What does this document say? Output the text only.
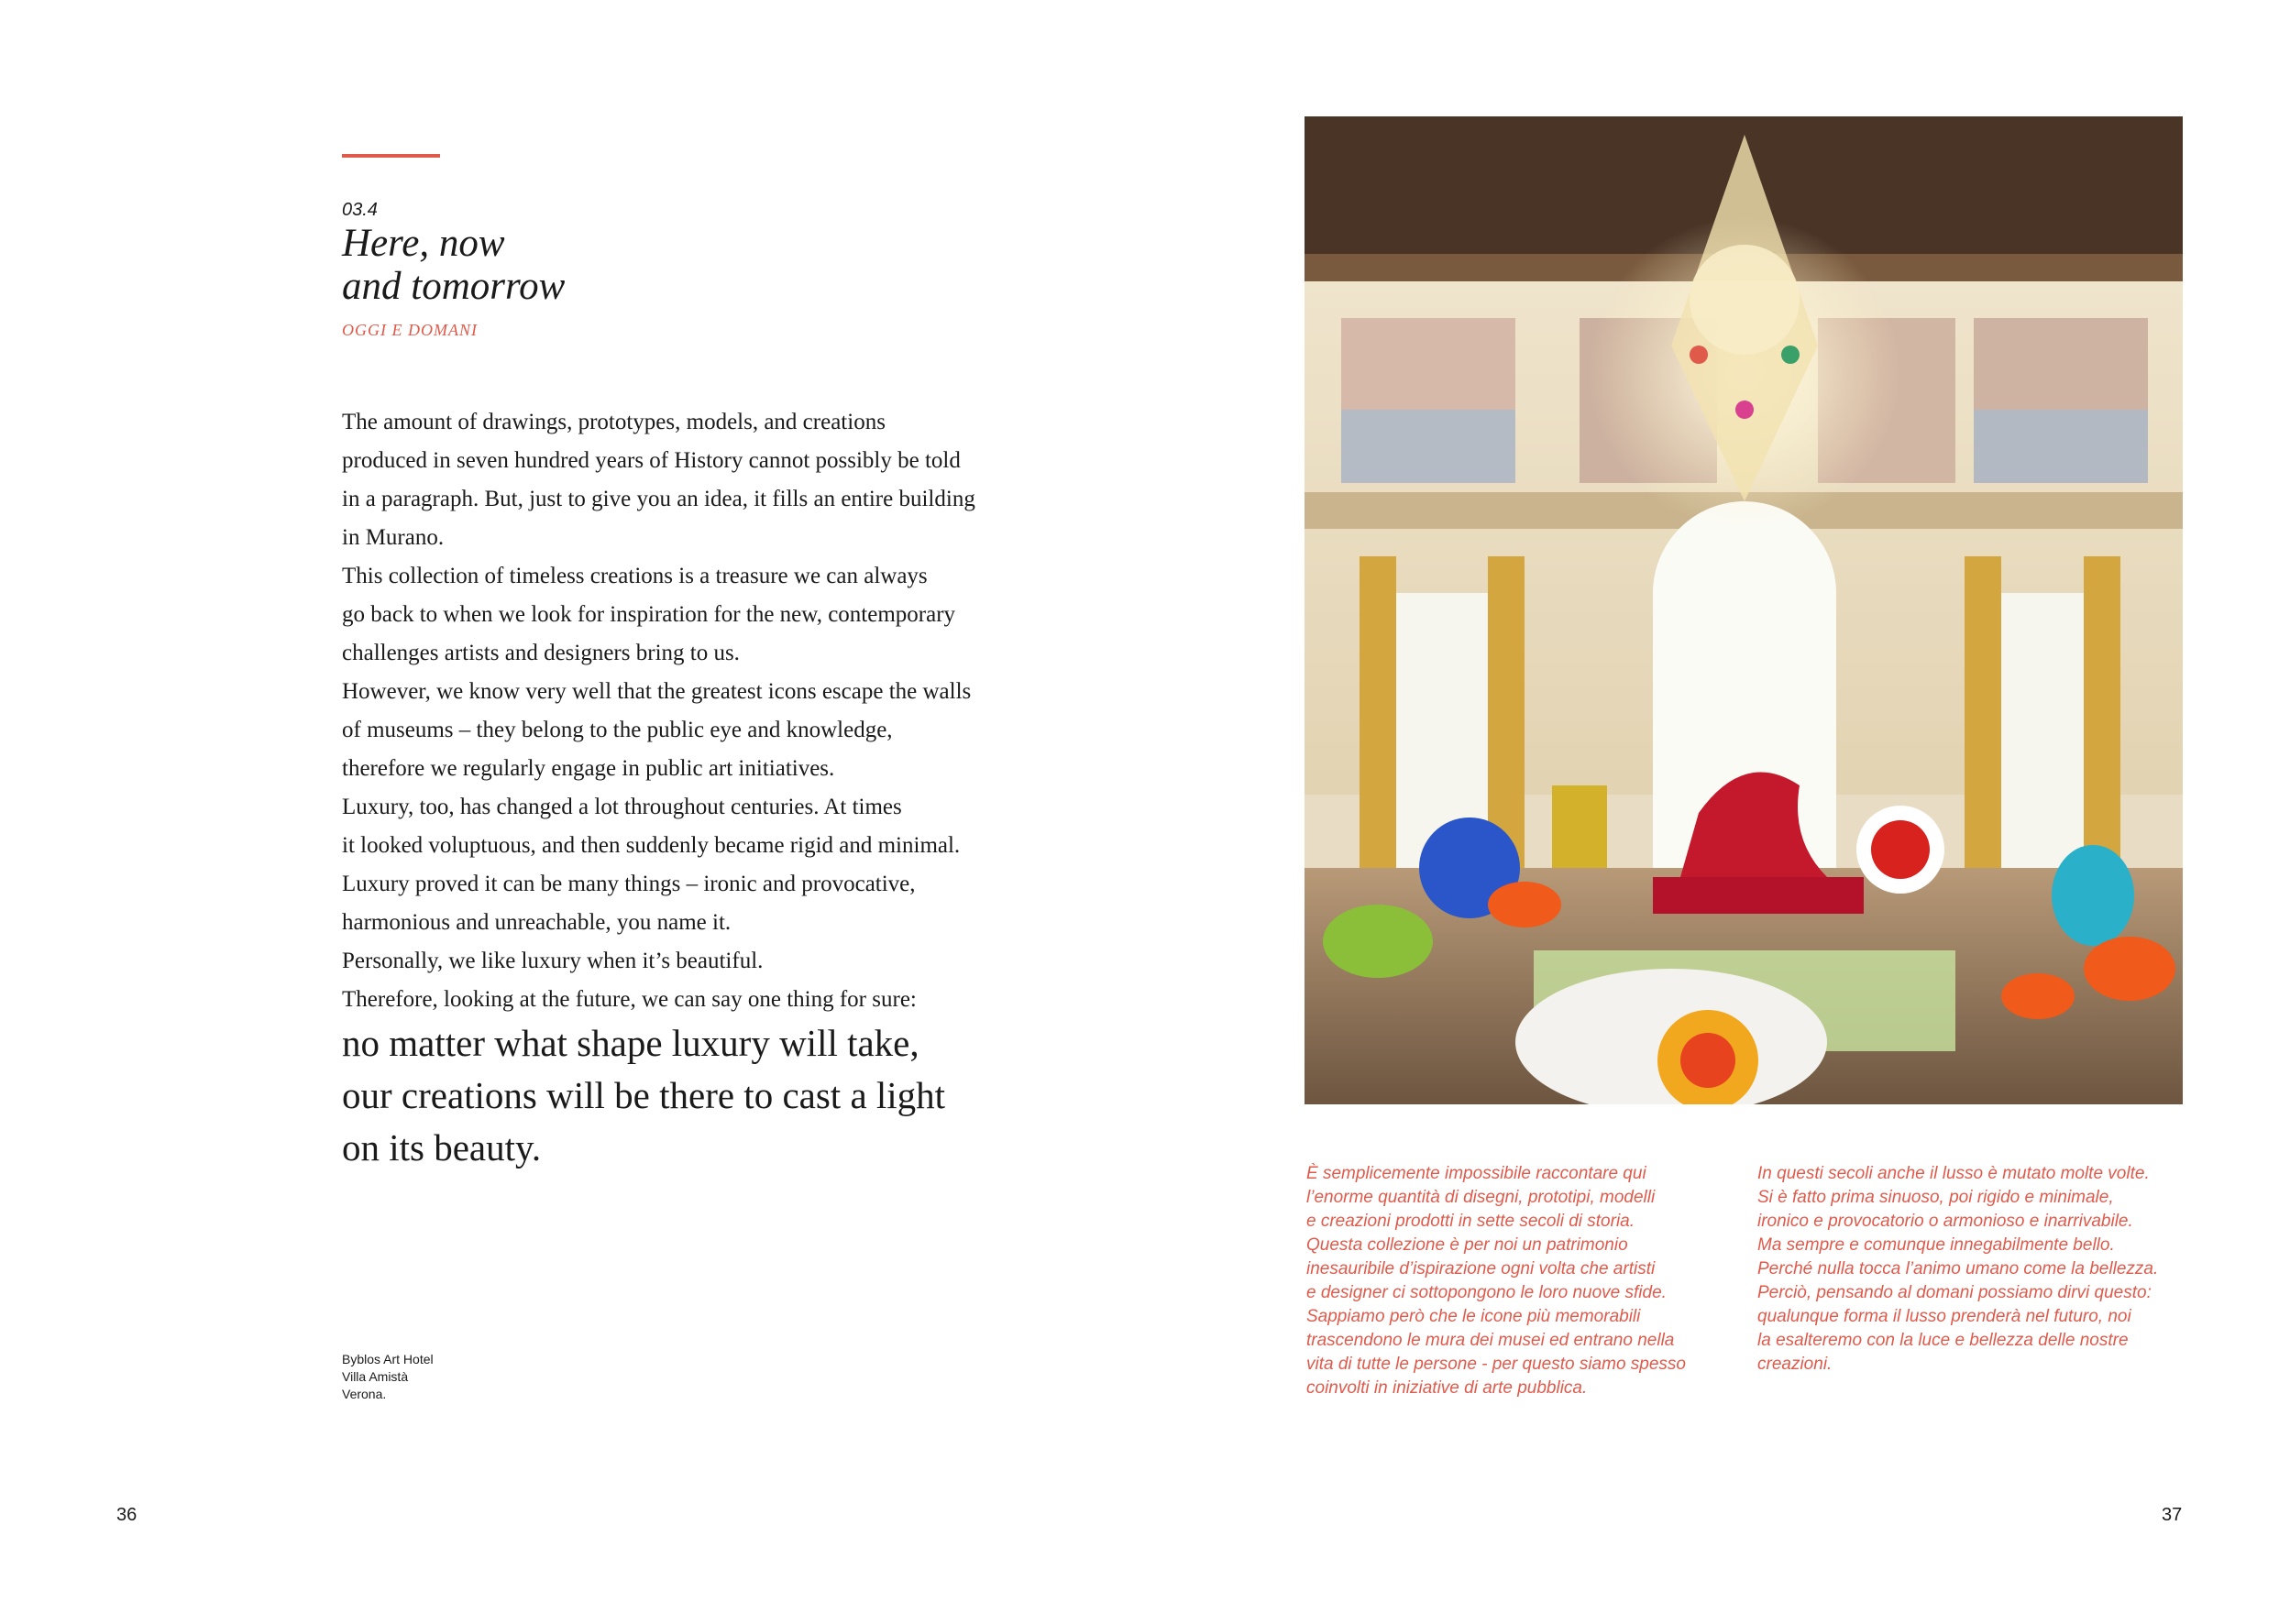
03.4
Here, now
and tomorrow
OGGI E DOMANI

The amount of drawings, prototypes, models, and creations

produced in seven hundred years of History cannot possibly be told

in a paragraph. But, just to give you an idea, it fills an entire building

in Murano.

This collection of timeless creations is a treasure we can always

go back to when we look for inspiration for the new, contemporary

challenges artists and designers bring to us.

However, we know very well that the greatest icons escape the walls

of museums – they belong to the public eye and knowledge,

therefore we regularly engage in public art initiatives.

Luxury, too, has changed a lot throughout centuries. At times

it looked voluptuous, and then suddenly became rigid and minimal.

Luxury proved it can be many things – ironic and provocative,

harmonious and unreachable, you name it.

Personally, we like luxury when it’s beautiful.

Therefore, looking at the future, we can say one thing for sure:

no matter what shape luxury will take,

our creations will be there to cast a light

on its beauty.

Byblos Art Hotel
Villa Amistà
Verona.
36	37

È semplicemente impossibile raccontare qui

l’enorme quantità di disegni, prototipi, modelli

e creazioni prodotti in sette secoli di storia.

Questa collezione è per noi un patrimonio

inesauribile d’ispirazione ogni volta che artisti

e designer ci sottopongono le loro nuove sfide.

Sappiamo però che le icone più memorabili

trascendono le mura dei musei ed entrano nella

vita di tutte le persone - per questo siamo spesso

coinvolti in iniziative di arte pubblica.

In questi secoli anche il lusso è mutato molte volte.

Si è fatto prima sinuoso, poi rigido e minimale,

ironico e provocatorio o armonioso e inarrivabile.

Ma sempre e comunque innegabilmente bello.

Perché nulla tocca l’animo umano come la bellezza.

Perciò, pensando al domani possiamo dirvi questo:

qualunque forma il lusso prenderà nel futuro, noi

la esalteremo con la luce e bellezza delle nostre

creazioni.
